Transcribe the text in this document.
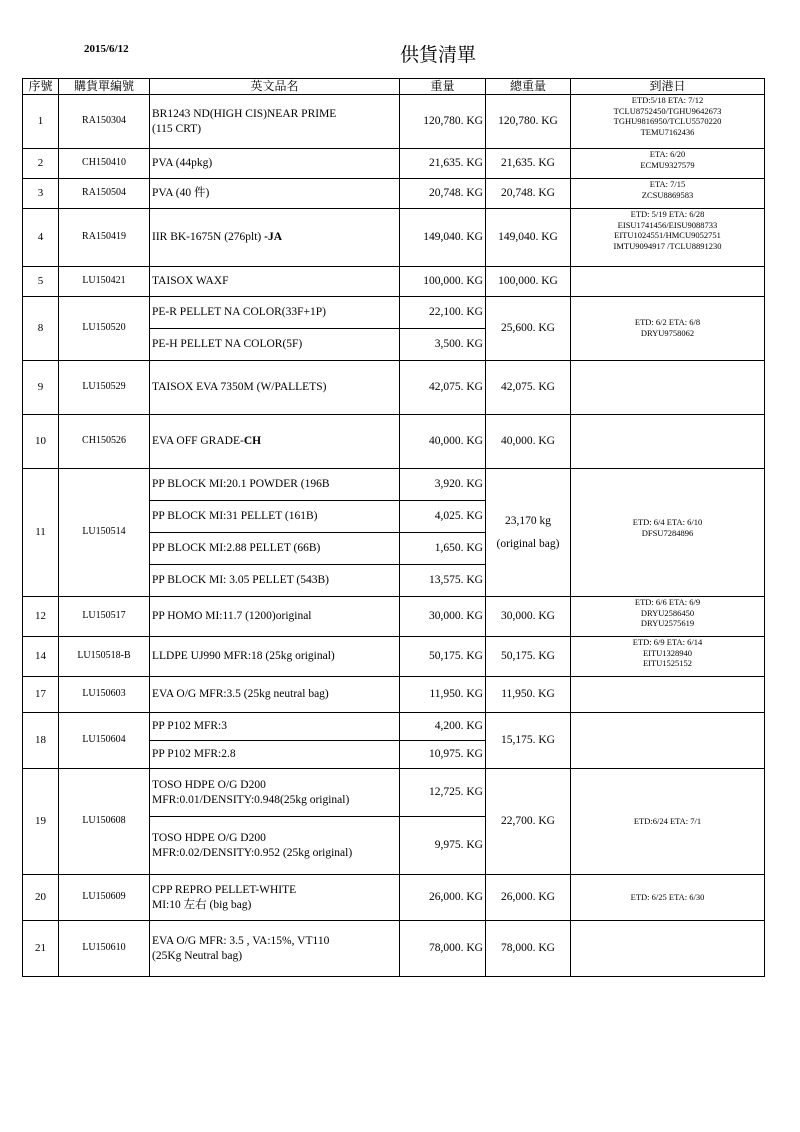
2015/6/12	供貨清單
序號	購貨單編號	英文品名	重量	總重量	到港日
1	RA150304	BR1243 ND(HIGH CIS)NEAR PRIME
(115 CRT)	120,780. KG	120,780. KG	ETD:5/18 ETA: 7/12
TCLU8752450/TGHU9642673
TGHU9816950/TCLU5570220
TEMU7162436
2	CH150410	PVA (44pkg)	21,635. KG	21,635. KG	ETA: 6/20
ECMU9327579
3	RA150504	PVA (40 件)	20,748. KG	20,748. KG	ETA: 7/15
ZCSU8869583
4	RA150419	IIR BK-1675N (276plt) -JA	149,040. KG	149,040. KG	ETD: 5/19 ETA: 6/28
EISU1741456/EISU9088733
EITU1024551/HMCU9052751
IMTU9094917 /TCLU8891230
5	LU150421	TAISOX WAXF	100,000. KG	100,000. KG	
8	LU150520	PE-R PELLET NA COLOR(33F+1P)	22,100. KG	25,600. KG	ETD: 6/2 ETA: 6/8
DRYU9758062
		PE-H PELLET NA COLOR(5F)	3,500. KG		
9	LU150529	TAISOX EVA 7350M (W/PALLETS)	42,075. KG	42,075. KG	
10	CH150526	EVA OFF GRADE-CH	40,000. KG	40,000. KG	
11	LU150514	PP BLOCK MI:20.1 POWDER (196B	3,920. KG	23,170 kg
(original bag)	ETD: 6/4 ETA: 6/10
DFSU7284896
		PP BLOCK MI:31 PELLET (161B)	4,025. KG		
		PP BLOCK MI:2.88 PELLET (66B)	1,650. KG		
		PP BLOCK MI: 3.05 PELLET (543B)	13,575. KG		
12	LU150517	PP HOMO MI:11.7 (1200)original	30,000. KG	30,000. KG	ETD: 6/6 ETA: 6/9
DRYU2586450
DRYU2575619
14	LU150518-B	LLDPE UJ990 MFR:18 (25kg original)	50,175. KG	50,175. KG	ETD: 6/9 ETA: 6/14
EITU1328940
EITU1525152
17	LU150603	EVA O/G MFR:3.5 (25kg neutral bag)	11,950. KG	11,950. KG	
18	LU150604	PP P102 MFR:3	4,200. KG	15,175. KG	
		PP P102 MFR:2.8	10,975. KG		
19	LU150608	TOSO HDPE O/G D200
MFR:0.01/DENSITY:0.948(25kg original)	12,725. KG	22,700. KG	ETD:6/24 ETA: 7/1
		TOSO HDPE O/G D200
MFR:0.02/DENSITY:0.952 (25kg original)	9,975. KG		
20	LU150609	CPP REPRO PELLET-WHITE
MI:10 左右 (big bag)	26,000. KG	26,000. KG	ETD: 6/25 ETA: 6/30
21	LU150610	EVA O/G MFR: 3.5 , VA:15%, VT110
(25Kg Neutral bag)	78,000. KG	78,000. KG	
